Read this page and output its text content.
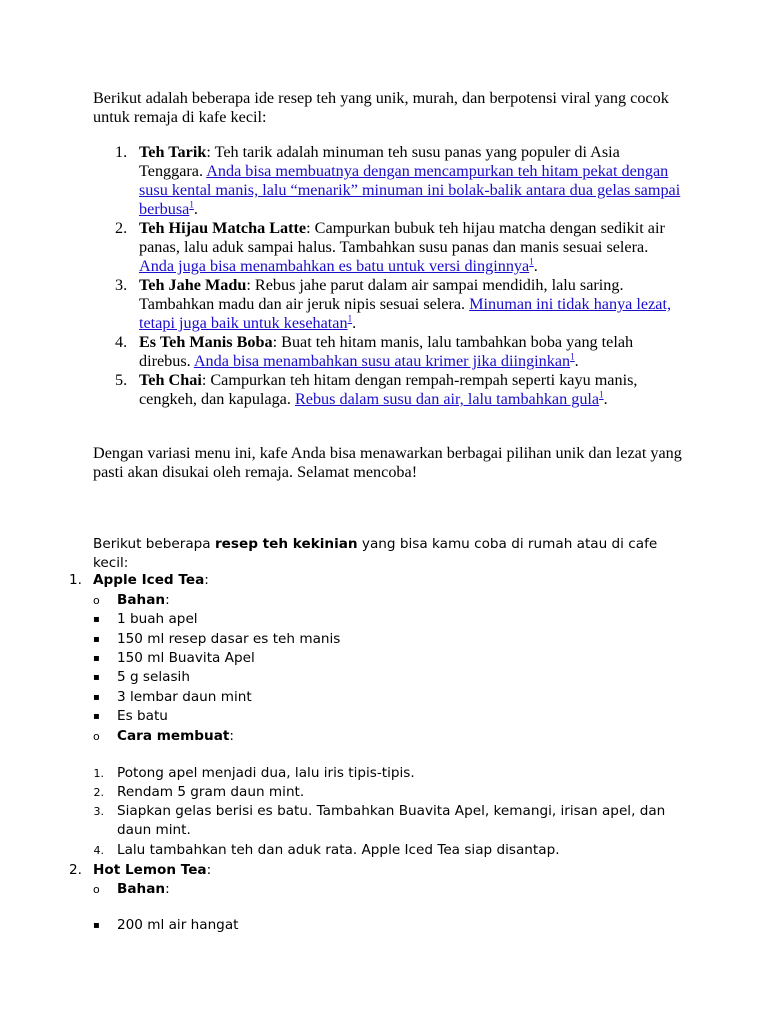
Berikut adalah beberapa ide resep teh yang unik, murah, dan berpotensi viral yang cocok untuk remaja di kafe kecil:

1. Teh Tarik: Teh tarik adalah minuman teh susu panas yang populer di Asia Tenggara. Anda bisa membuatnya dengan mencampurkan teh hitam pekat dengan susu kental manis, lalu “menarik” minuman ini bolak-balik antara dua gelas sampai berbusa$^1$.
2. Teh Hijau Matcha Latte: Campurkan bubuk teh hijau matcha dengan sedikit air panas, lalu aduk sampai halus. Tambahkan susu panas dan manis sesuai selera. Anda juga bisa menambahkan es batu untuk versi dinginnya$^1$.
3. Teh Jahe Madu: Rebus jahe parut dalam air sampai mendidih, lalu saring. Tambahkan madu dan air jeruk nipis sesuai selera. Minuman ini tidak hanya lezat, tetapi juga baik untuk kesehatan$^1$.
4. Es Teh Manis Boba: Buat teh hitam manis, lalu tambahkan boba yang telah direbus. Anda bisa menambahkan susu atau krimer jika diinginkan$^1$.
5. Teh Chai: Campurkan teh hitam dengan rempah-rempah seperti kayu manis, cengkeh, dan kapulaga. Rebus dalam susu dan air, lalu tambahkan gula$^1$.

Dengan variasi menu ini, kafe Anda bisa menawarkan berbagai pilihan unik dan lezat yang pasti akan disukai oleh remaja. Selamat mencoba!

Berikut beberapa resep teh kekinian yang bisa kamu coba di rumah atau di cafe kecil:

1. Apple Iced Tea:
o	Bahan:
▪	1 buah apel
▪	150 ml resep dasar es teh manis
▪	150 ml Buavita Apel
▪	5 g selasih
▪	3 lembar daun mint
▪	Es batu
o	Cara membuat:
1. Potong apel menjadi dua, lalu iris tipis-tipis.
2. Rendam 5 gram daun mint.
3. Siapkan gelas berisi es batu. Tambahkan Buavita Apel, kemangi, irisan apel, dan
daun mint.
4. Lalu tambahkan teh dan aduk rata. Apple Iced Tea siap disantap.
2. Hot Lemon Tea:
o	Bahan:
▪	200 ml air hangat
